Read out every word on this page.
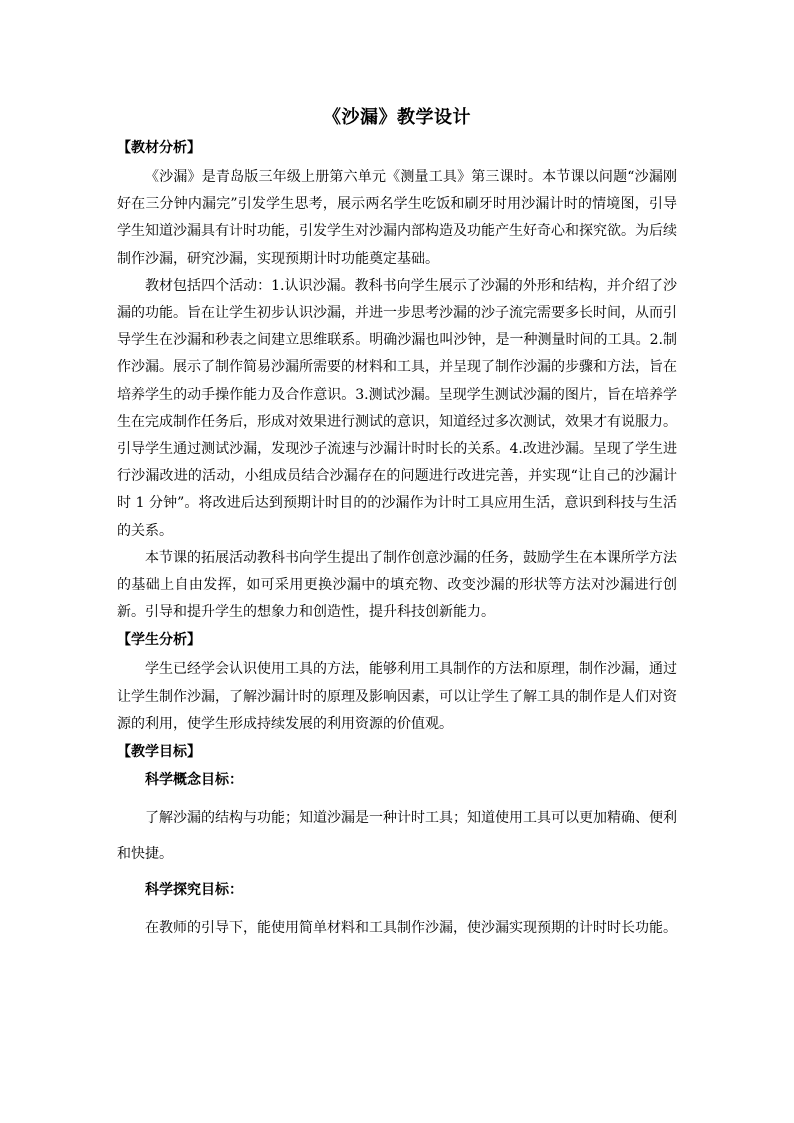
《沙漏》教学设计
【教材分析】

《沙漏》是青岛版三年级上册第六单元《测量工具》第三课时。本节课以问题“沙漏刚好在三分钟内漏完”引发学生思考，展示两名学生吃饭和刷牙时用沙漏计时的情境图，引导学生知道沙漏具有计时功能，引发学生对沙漏内部构造及功能产生好奇心和探究欲。为后续制作沙漏，研究沙漏，实现预期计时功能奠定基础。

教材包括四个活动：1.认识沙漏。教科书向学生展示了沙漏的外形和结构，并介绍了沙漏的功能。旨在让学生初步认识沙漏，并进一步思考沙漏的沙子流完需要多长时间，从而引导学生在沙漏和秒表之间建立思维联系。明确沙漏也叫沙钟，是一种测量时间的工具。2.制作沙漏。展示了制作简易沙漏所需要的材料和工具，并呈现了制作沙漏的步骤和方法，旨在培养学生的动手操作能力及合作意识。3.测试沙漏。呈现学生测试沙漏的图片，旨在培养学生在完成制作任务后，形成对效果进行测试的意识，知道经过多次测试，效果才有说服力。引导学生通过测试沙漏，发现沙子流速与沙漏计时时长的关系。4.改进沙漏。呈现了学生进行沙漏改进的活动，小组成员结合沙漏存在的问题进行改进完善，并实现“让自己的沙漏计时 1 分钟”。将改进后达到预期计时目的的沙漏作为计时工具应用生活，意识到科技与生活的关系。

本节课的拓展活动教科书向学生提出了制作创意沙漏的任务，鼓励学生在本课所学方法的基础上自由发挥，如可采用更换沙漏中的填充物、改变沙漏的形状等方法对沙漏进行创新。引导和提升学生的想象力和创造性，提升科技创新能力。

【学生分析】

学生已经学会认识使用工具的方法，能够利用工具制作的方法和原理，制作沙漏，通过让学生制作沙漏，了解沙漏计时的原理及影响因素，可以让学生了解工具的制作是人们对资源的利用，使学生形成持续发展的利用资源的价值观。

【教学目标】
科学概念目标：

了解沙漏的结构与功能；知道沙漏是一种计时工具；知道使用工具可以更加精确、便利和快捷。

科学探究目标：

在教师的引导下，能使用简单材料和工具制作沙漏，使沙漏实现预期的计时时长功能。
